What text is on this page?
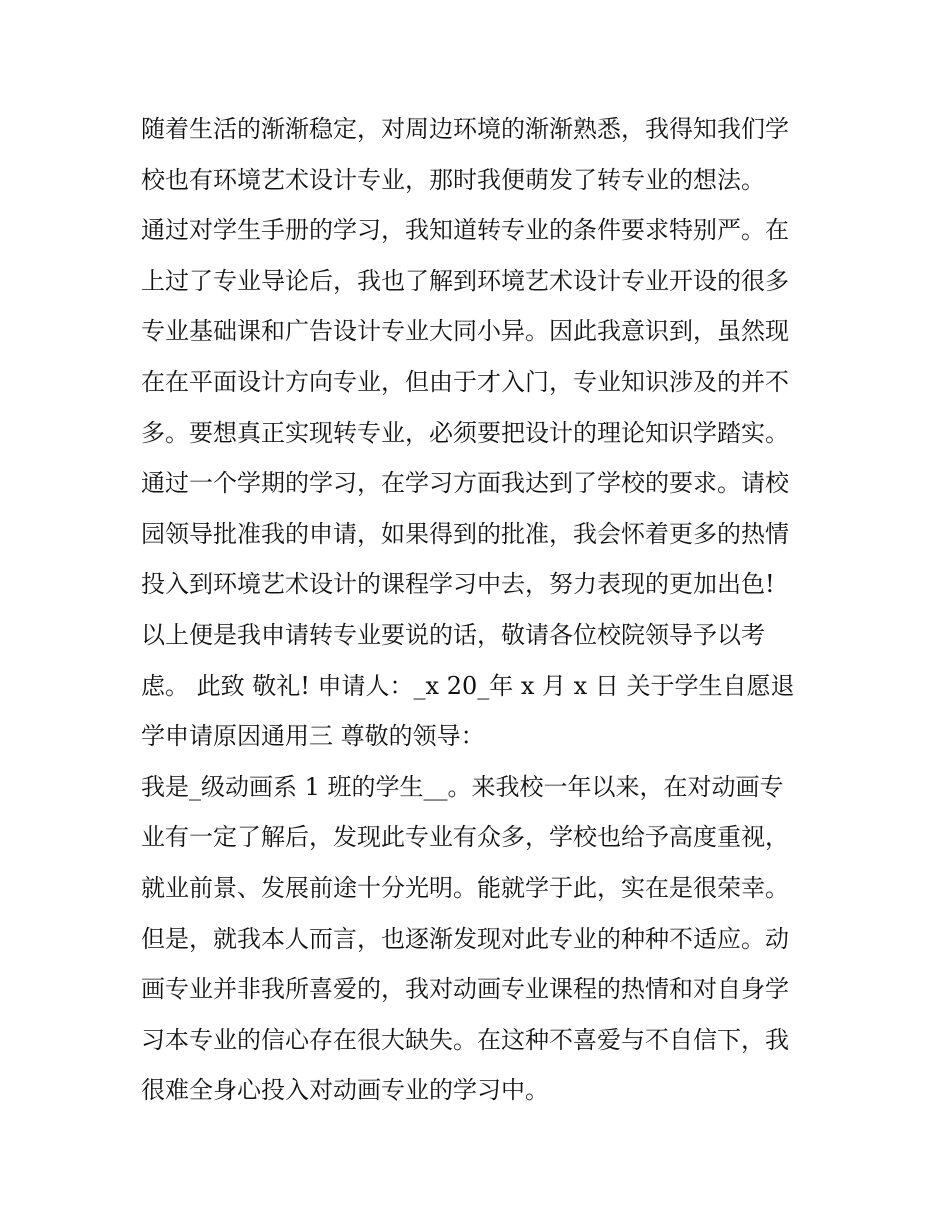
随着生活的渐渐稳定，对周边环境的渐渐熟悉，我得知我们学
校也有环境艺术设计专业，那时我便萌发了转专业的想法。
通过对学生手册的学习，我知道转专业的条件要求特别严。在
上过了专业导论后，我也了解到环境艺术设计专业开设的很多
专业基础课和广告设计专业大同小异。因此我意识到，虽然现
在在平面设计方向专业，但由于才入门，专业知识涉及的并不
多。要想真正实现转专业，必须要把设计的理论知识学踏实。
通过一个学期的学习，在学习方面我达到了学校的要求。请校
园领导批准我的申请，如果得到的批准，我会怀着更多的热情
投入到环境艺术设计的课程学习中去，努力表现的更加出色!
以上便是我申请转专业要说的话，敬请各位校院领导予以考
虑。 此致 敬礼! 申请人：_x 20_年 x 月 x 日 关于学生自愿退
学申请原因通用三 尊敬的领导：
我是_级动画系 1 班的学生__。来我校一年以来，在对动画专
业有一定了解后，发现此专业有众多，学校也给予高度重视，
就业前景、发展前途十分光明。能就学于此，实在是很荣幸。
但是，就我本人而言，也逐渐发现对此专业的种种不适应。动
画专业并非我所喜爱的，我对动画专业课程的热情和对自身学
习本专业的信心存在很大缺失。在这种不喜爱与不自信下，我
很难全身心投入对动画专业的学习中。
